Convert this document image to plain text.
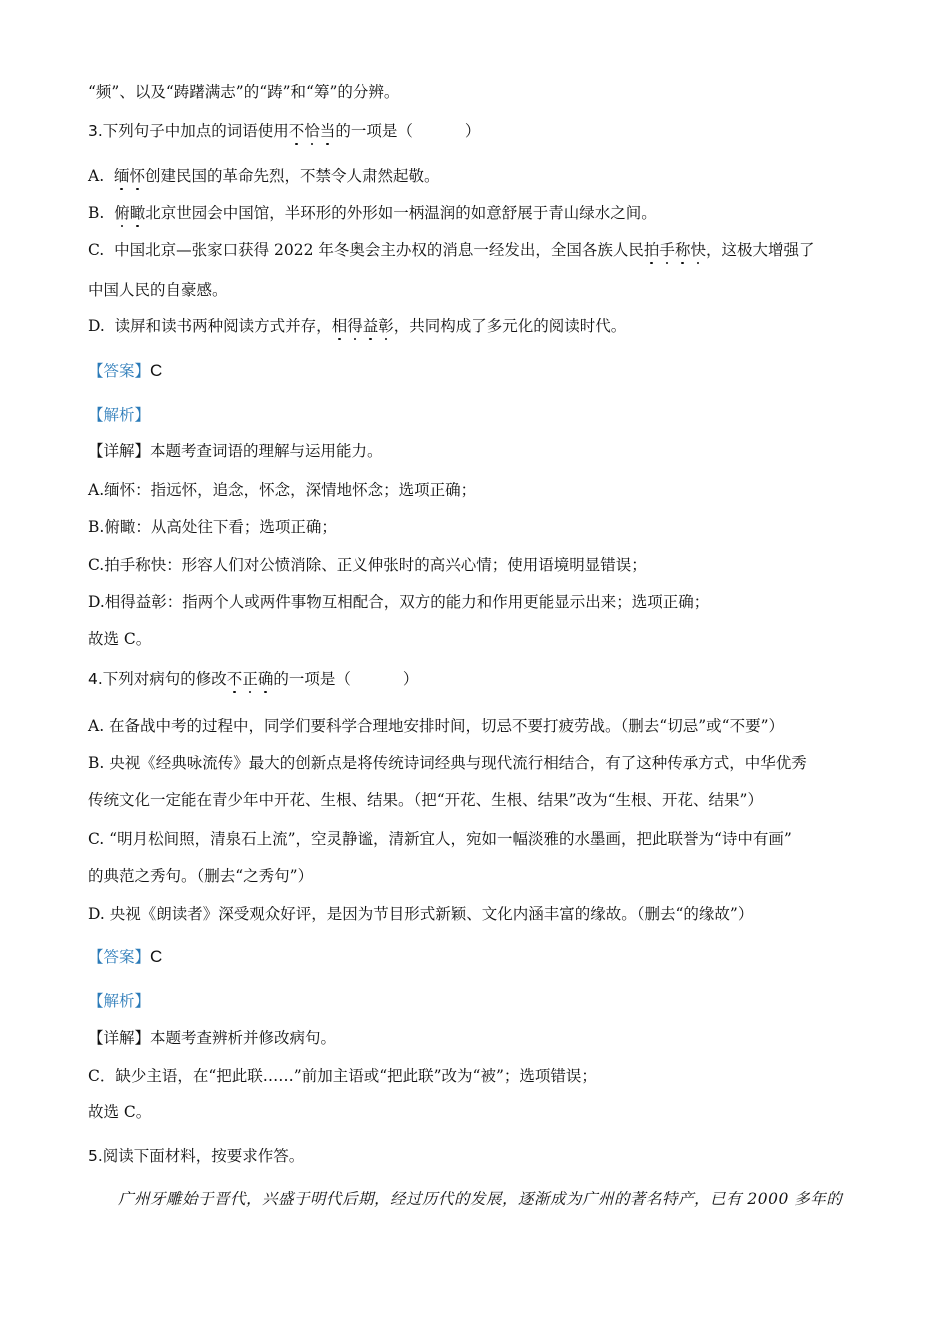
“频”、以及“踌躇满志”的“踌”和“筹”的分辨。
3.下列句子中加点的词语使用不恰当的一项是（	）
A. 缅怀创建民国的革命先烈，不禁令人肃然起敬。
B. 俯瞰北京世园会中国馆，半环形的外形如一柄温润的如意舒展于青山绿水之间。
C. 中国北京—张家口获得 2022 年冬奥会主办权的消息一经发出，全国各族人民拍手称快，这极大增强了
中国人民的自豪感。
D. 读屏和读书两种阅读方式并存，相得益彰，共同构成了多元化的阅读时代。
【答案】C
【解析】
【详解】本题考查词语的理解与运用能力。
A.缅怀：指远怀，追念，怀念，深情地怀念；选项正确；
B.俯瞰：从高处往下看；选项正确；
C.拍手称快：形容人们对公愤消除、正义伸张时的高兴心情；使用语境明显错误；
D.相得益彰：指两个人或两件事物互相配合，双方的能力和作用更能显示出来；选项正确；
故选 C。
4.下列对病句的修改不正确的一项是（	）
A. 在备战中考的过程中，同学们要科学合理地安排时间，切忌不要打疲劳战。（删去“切忌”或“不要”）
B. 央视《经典咏流传》最大的创新点是将传统诗词经典与现代流行相结合，有了这种传承方式，中华优秀
传统文化一定能在青少年中开花、生根、结果。（把“开花、生根、结果”改为“生根、开花、结果”）
C. “明月松间照，清泉石上流”，空灵静谧，清新宜人，宛如一幅淡雅的水墨画，把此联誉为“诗中有画”
的典范之秀句。（删去“之秀句”）
D. 央视《朗读者》深受观众好评，是因为节目形式新颖、文化内涵丰富的缘故。（删去“的缘故”）
【答案】C
【解析】
【详解】本题考查辨析并修改病句。
C．缺少主语，在“把此联……”前加主语或“把此联”改为“被”；选项错误；
故选 C。
5.阅读下面材料，按要求作答。
广州牙雕始于晋代，兴盛于明代后期，经过历代的发展，逐渐成为广州的著名特产，已有 2000 多年的
